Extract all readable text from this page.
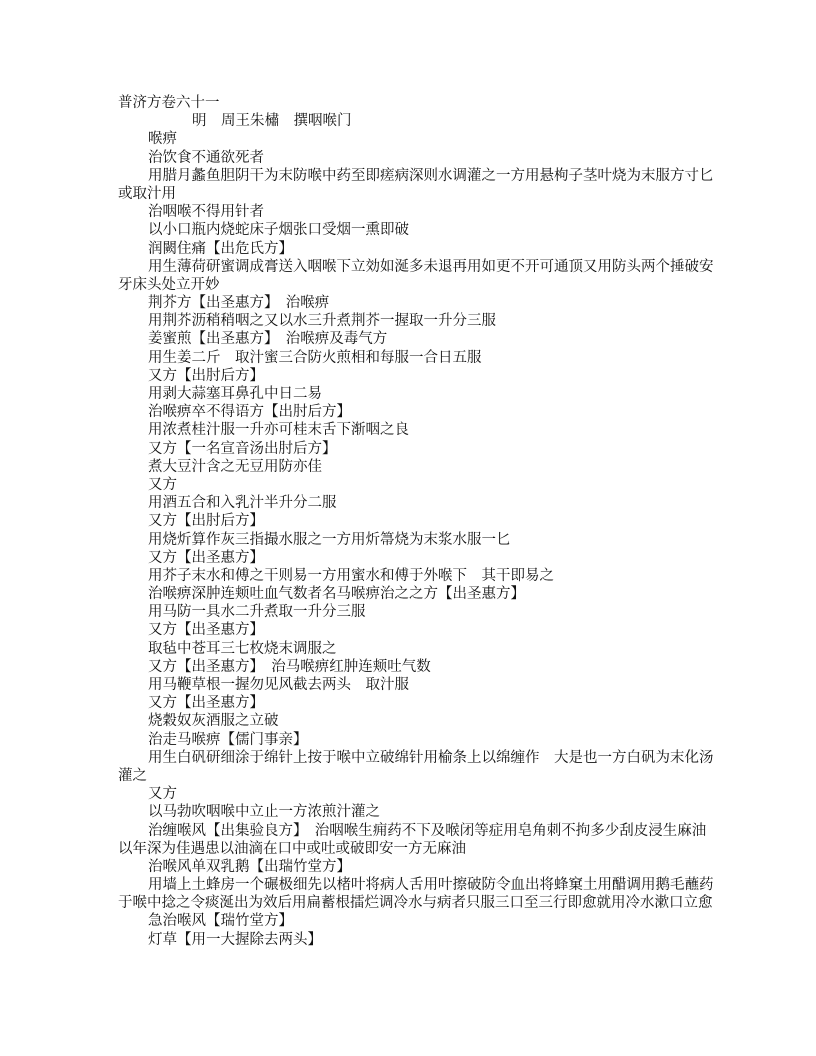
普济方卷六十一
明　周王朱橚　撰咽喉门
喉痹
治饮食不通欲死者
用腊月蠡鱼胆阴干为末防喉中药至即瘥病深则水调灌之一方用悬枸子茎叶烧为末服方寸匕
或取汁用
治咽喉不得用针者
以小口瓶内烧蛇床子烟张口受烟一熏即破
润闕住痛【出危氏方】
用生薄荷研蜜调成膏送入咽喉下立効如涎多未退再用如更不开可通顶又用防头两个捶破安
牙床头处立开妙
荆芥方【出圣惠方】　治喉痹
用荆芥沥稍稍咽之又以水三升煮荆芥一握取一升分三服
姜蜜煎【出圣惠方】　治喉痹及毒气方
用生姜二斤　取汁蜜三合防火煎相和每服一合日五服
又方【出肘后方】
用剥大蒜塞耳鼻孔中日二易
治喉痹卒不得语方【出肘后方】
用浓煮桂汁服一升亦可桂末舌下渐咽之良
又方【一名宣音汤出肘后方】
煮大豆汁含之无豆用防亦佳
又方
用酒五合和入乳汁半升分二服
又方【出肘后方】
用烧炘算作灰三指撮水服之一方用炘箒烧为末浆水服一匕
又方【出圣惠方】
用芥子末水和傅之干则易一方用蜜水和傅于外喉下　其干即易之
治喉痹深肿连颊吐血气数者名马喉痹治之之方【出圣惠方】
用马防一具水二升煮取一升分三服
又方【出圣惠方】
取毡中苍耳三七枚烧末调服之
又方【出圣惠方】　治马喉痹红肿连颊吐气数
用马鞭草根一握勿见风截去两头　取汁服
又方【出圣惠方】
烧穀奴灰酒服之立破
治走马喉痹【儒门事亲】
用生白矾研细涂于绵针上按于喉中立破绵针用榆条上以绵缠作　大是也一方白矾为末化汤
灌之
又方
以马勃吹咽喉中立止一方浓煎汁灌之
治缠喉风【出集验良方】　治咽喉生痈药不下及喉闭等症用皂角刺不拘多少刮皮浸生麻油
以年深为佳遇患以油滴在口中或吐或破即安一方无麻油
治喉风单双乳鹅【出瑞竹堂方】
用墙上土蜂房一个碾极细先以楮叶将病人舌用叶擦破防令血出将蜂窠土用醋调用鹅毛蘸药
于喉中捻之令痰涎出为效后用扁蓄根擂烂调冷水与病者只服三口至三行即愈就用冷水漱口立愈
急治喉风【瑞竹堂方】
灯草【用一大握除去两头】
